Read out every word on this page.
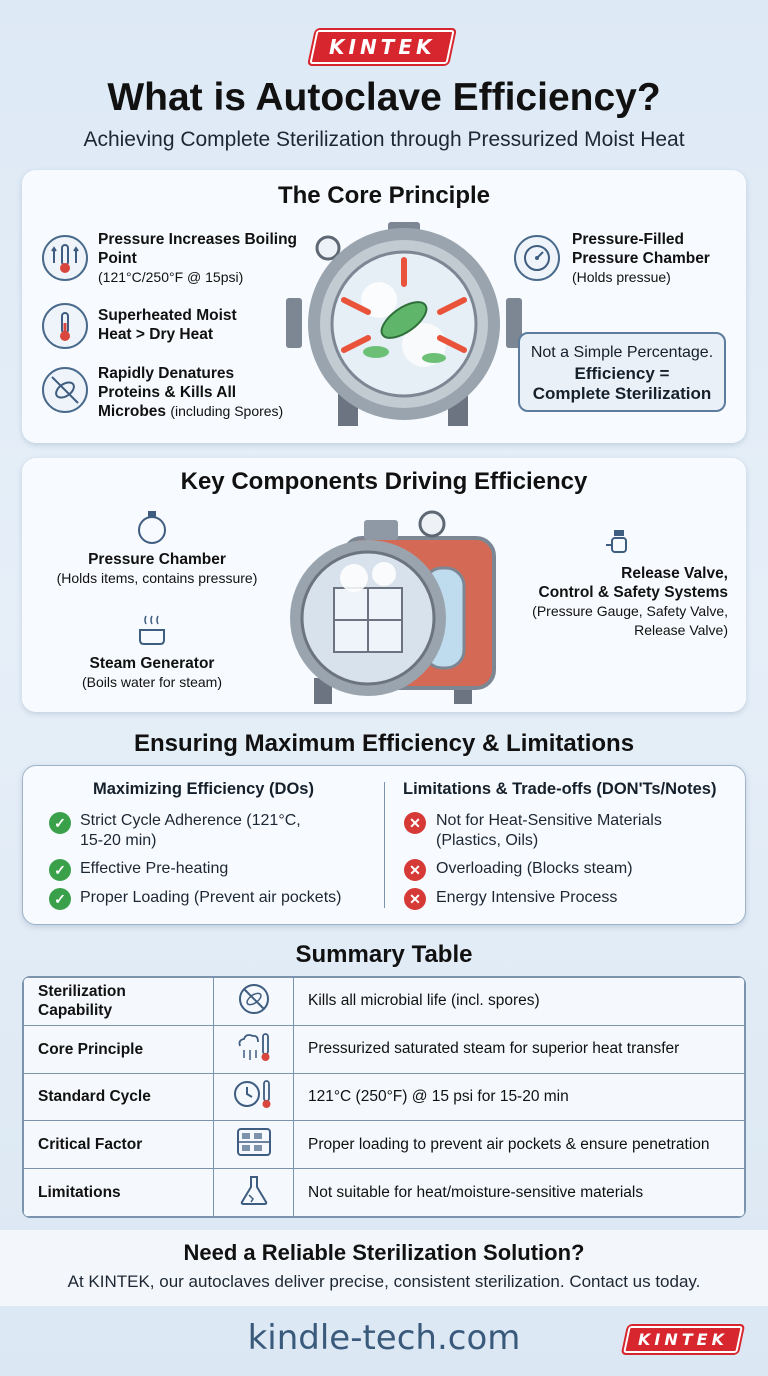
KINTEK
What is Autoclave Efficiency?
Achieving Complete Sterilization through Pressurized Moist Heat
The Core Principle
Pressure Increases Boiling Point
(121°C/250°F @ 15psi)
Superheated Moist Heat > Dry Heat
Rapidly Denatures Proteins & Kills All Microbes (including Spores)
Pressure-Filled Pressure Chamber
(Holds pressue)
Not a Simple Percentage.
Efficiency =
Complete Sterilization
Key Components Driving Efficiency
Pressure Chamber
(Holds items, contains pressure)
Steam Generator
(Boils water for steam)
Release Valve,
Control & Safety Systems
(Pressure Gauge, Safety Valve,
Release Valve)
Ensuring Maximum Efficiency & Limitations
Maximizing Efficiency (DOs)	Limitations & Trade-offs (DON'Ts/Notes)
✓ Strict Cycle Adherence (121°C,
15-20 min)
✓ Effective Pre-heating
✓ Proper Loading (Prevent air pockets)
✕ Not for Heat-Sensitive Materials
(Plastics, Oils)
✕ Overloading (Blocks steam)
✕ Energy Intensive Process
Summary Table
Sterilization Capability		Kills all microbial life (incl. spores)
Core Principle		Pressurized saturated steam for superior heat transfer
Standard Cycle		121°C (250°F) @ 15 psi for 15-20 min
Critical Factor		Proper loading to prevent air pockets & ensure penetration
Limitations		Not suitable for heat/moisture-sensitive materials
Need a Reliable Sterilization Solution?
At KINTEK, our autoclaves deliver precise, consistent sterilization. Contact us today.
kindle-tech.com	KINTEK
